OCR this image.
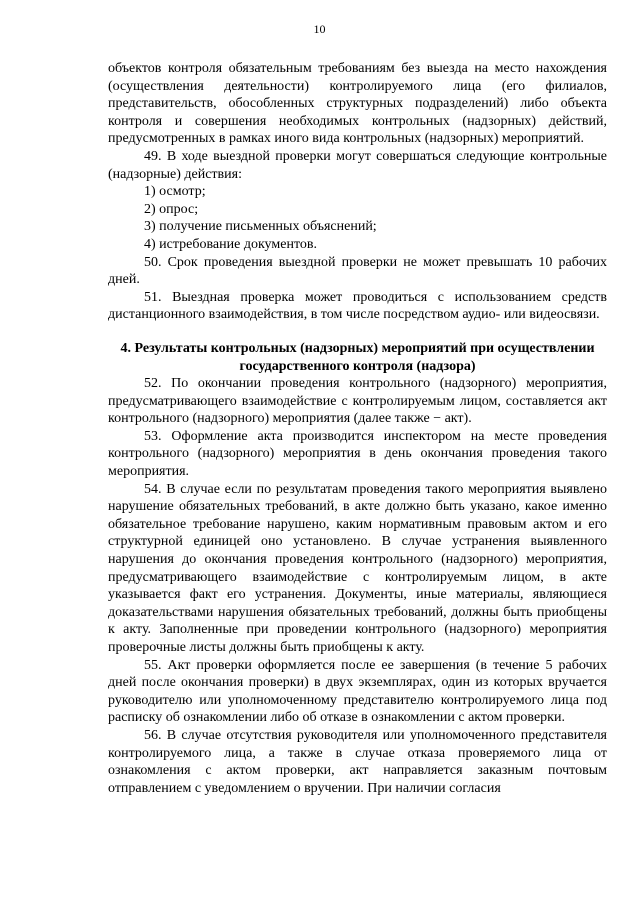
10

объектов контроля обязательным требованиям без выезда на место нахождения (осуществления деятельности) контролируемого лица (его филиалов, представительств, обособленных структурных подразделений) либо объекта контроля и совершения необходимых контрольных (надзорных) действий, предусмотренных в рамках иного вида контрольных (надзорных) мероприятий.

49. В ходе выездной проверки могут совершаться следующие контрольные (надзорные) действия:

1) осмотр;

2) опрос;

3) получение письменных объяснений;

4) истребование документов.

50. Срок проведения выездной проверки не может превышать 10 рабочих дней.

51. Выездная проверка может проводиться с использованием средств дистанционного взаимодействия, в том числе посредством аудио- или видеосвязи.

4. Результаты контрольных (надзорных) мероприятий при осуществлении государственного контроля (надзора)

52. По окончании проведения контрольного (надзорного) мероприятия, предусматривающего взаимодействие с контролируемым лицом, составляется акт контрольного (надзорного) мероприятия (далее также − акт).

53. Оформление акта производится инспектором на месте проведения контрольного (надзорного) мероприятия в день окончания проведения такого мероприятия.

54. В случае если по результатам проведения такого мероприятия выявлено нарушение обязательных требований, в акте должно быть указано, какое именно обязательное требование нарушено, каким нормативным правовым актом и его структурной единицей оно установлено. В случае устранения выявленного нарушения до окончания проведения контрольного (надзорного) мероприятия, предусматривающего взаимодействие с контролируемым лицом, в акте указывается факт его устранения. Документы, иные материалы, являющиеся доказательствами нарушения обязательных требований, должны быть приобщены к акту. Заполненные при проведении контрольного (надзорного) мероприятия проверочные листы должны быть приобщены к акту.

55. Акт проверки оформляется после ее завершения (в течение 5 рабочих дней после окончания проверки) в двух экземплярах, один из которых вручается руководителю или уполномоченному представителю контролируемого лица под расписку об ознакомлении либо об отказе в ознакомлении с актом проверки.

56. В случае отсутствия руководителя или уполномоченного представителя контролируемого лица, а также в случае отказа проверяемого лица от ознакомления с актом проверки, акт направляется заказным почтовым отправлением с уведомлением о вручении. При наличии согласия
